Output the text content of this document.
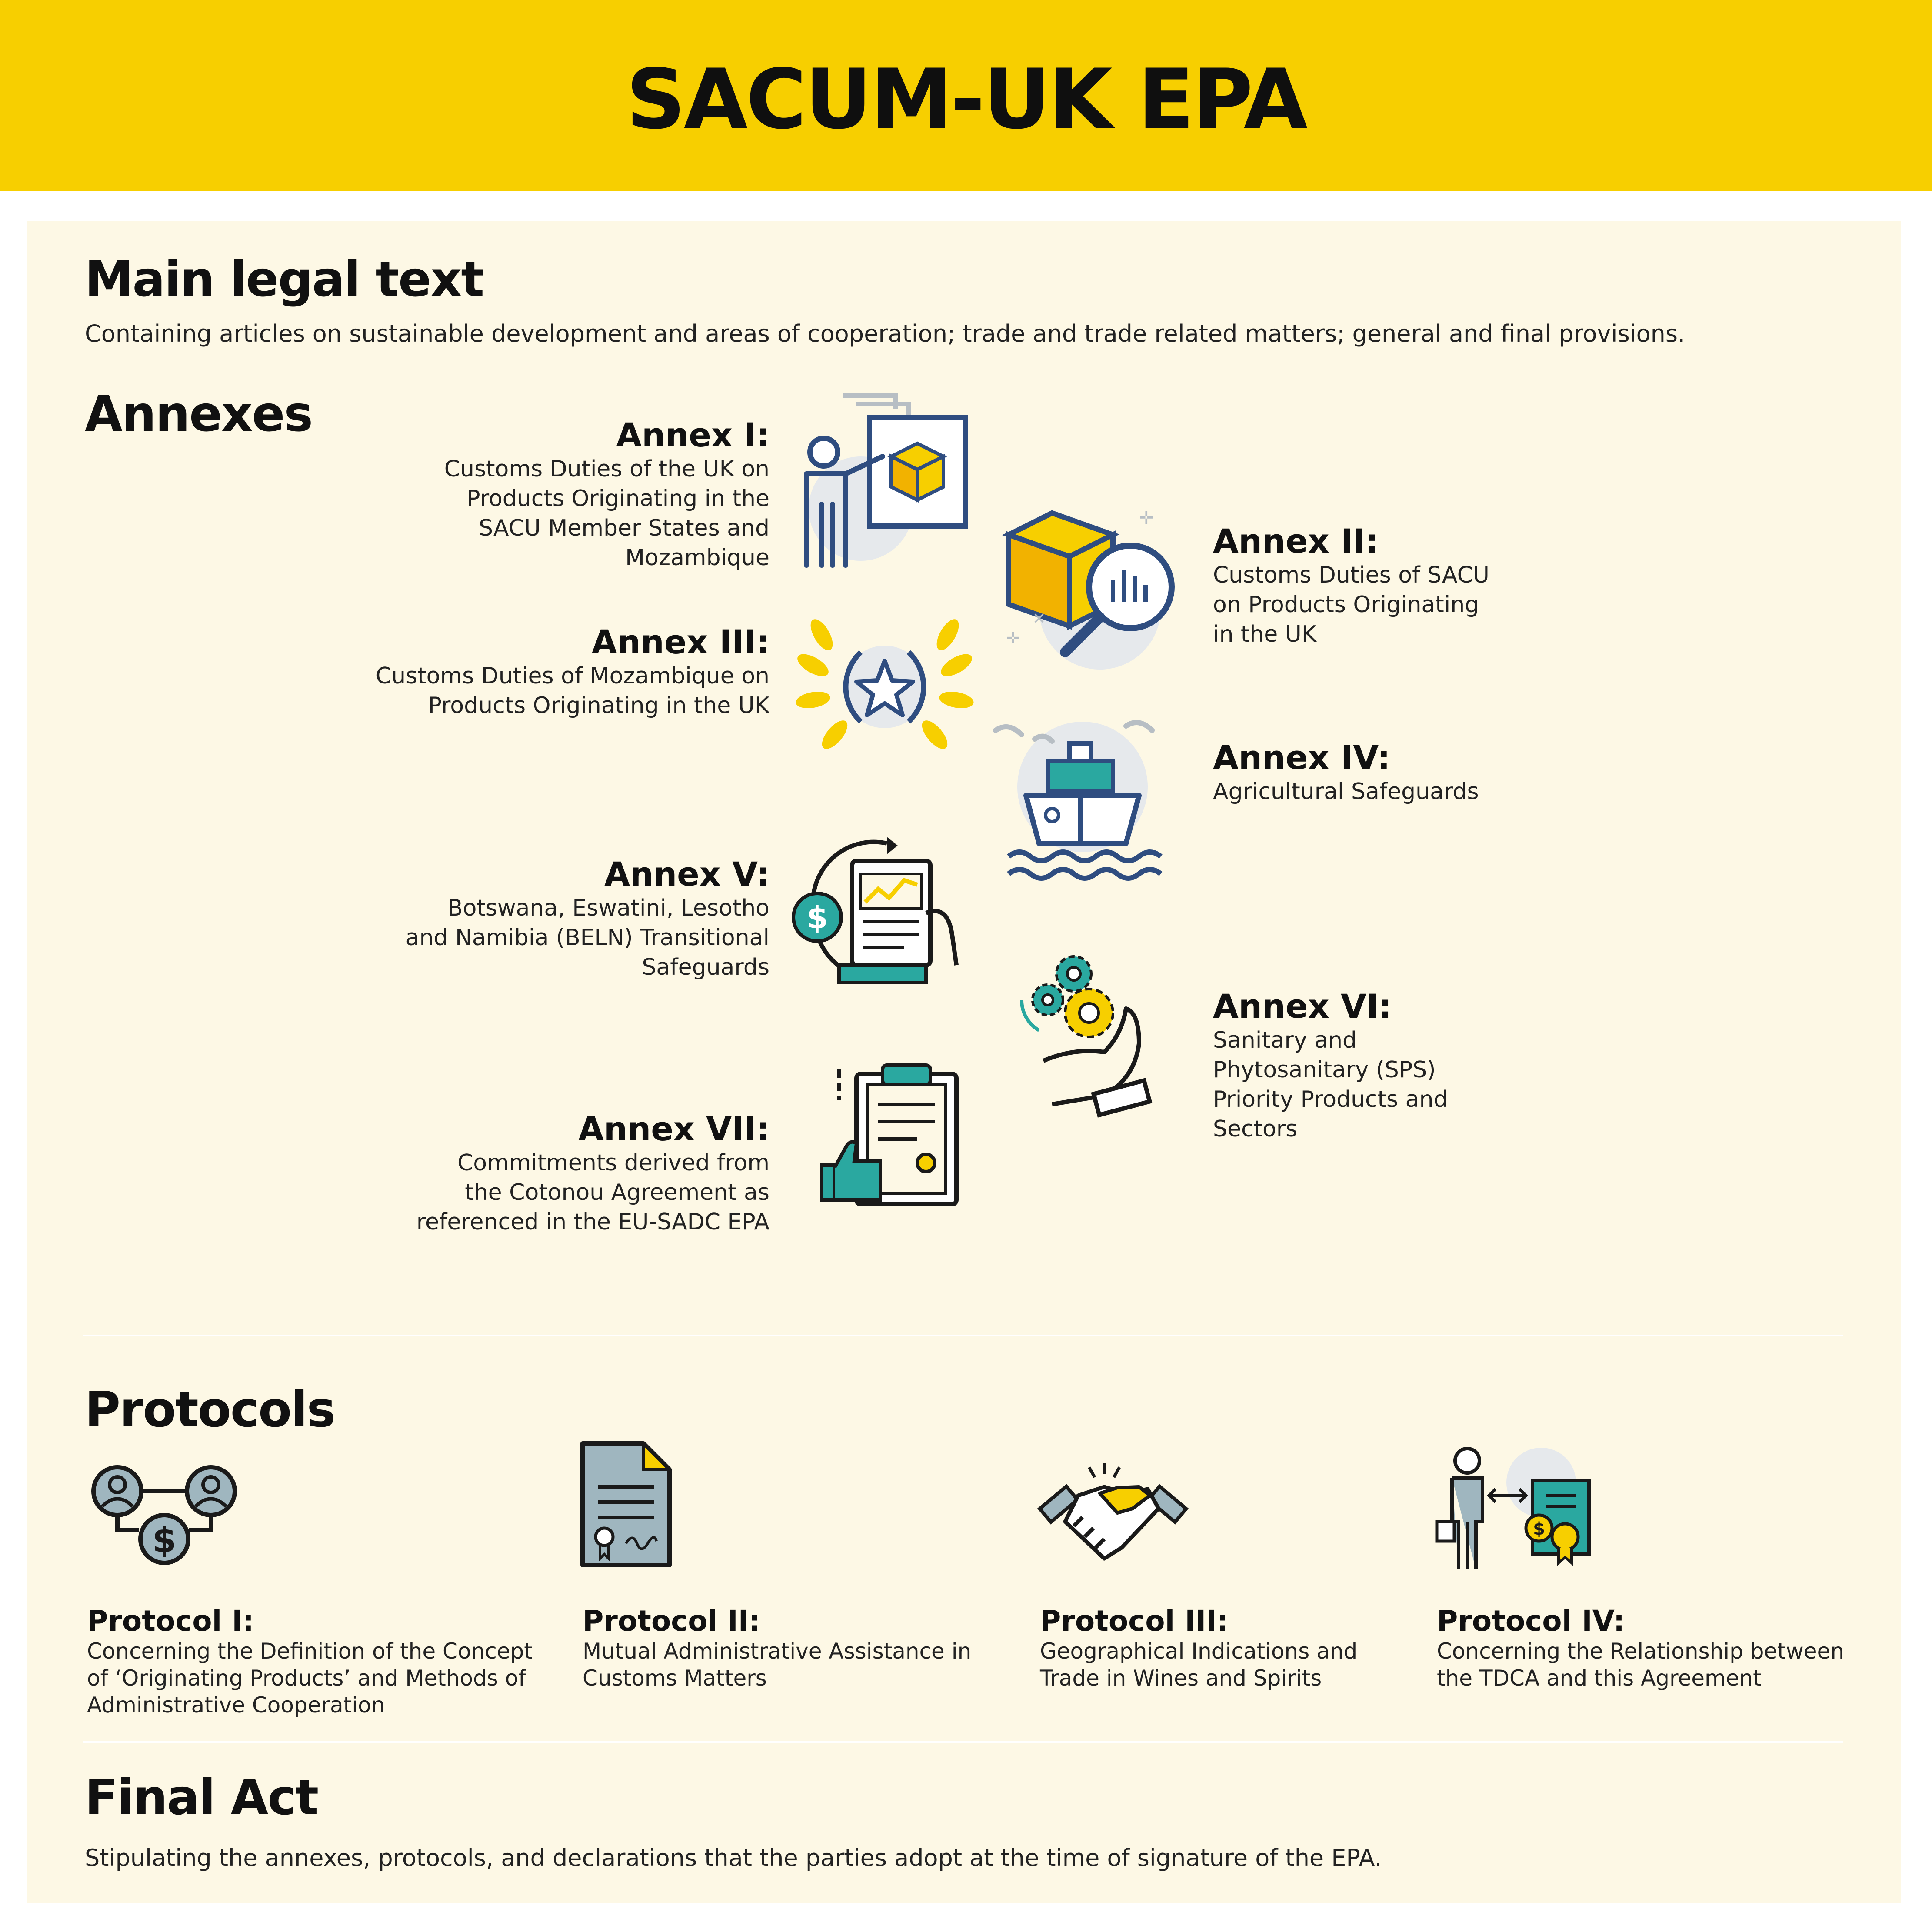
SACUM-UK EPA
Main legal text
Containing articles on sustainable development and areas of cooperation; trade and trade related matters; general and final provisions.
Annexes	Annex I:
Customs Duties of the UK on
Products Originating in the
SACU Member States and
Mozambique
Annex III:
Customs Duties of Mozambique on
Products Originating in the UK
Annex V:
Botswana, Eswatini, Lesotho
and Namibia (BELN) Transitional
Safeguards
Annex VII:
Commitments derived from
the Cotonou Agreement as
referenced in the EU-SADC EPA
Annex II:
Customs Duties of SACU
on Products Originating
in the UK
Annex IV:
Agricultural Safeguards
Annex VI:
Sanitary and
Phytosanitary (SPS)
Priority Products and
Sectors
✛
✛
✕
$
Protocols
$	$
Protocol I:
Concerning the Definition of the Concept
of ‘Originating Products’ and Methods of
Administrative Cooperation
Protocol II:
Mutual Administrative Assistance in
Customs Matters
Protocol III:
Geographical Indications and
Trade in Wines and Spirits
Protocol IV:
Concerning the Relationship between
the TDCA and this Agreement
Final Act
Stipulating the annexes, protocols, and declarations that the parties adopt at the time of signature of the EPA.
